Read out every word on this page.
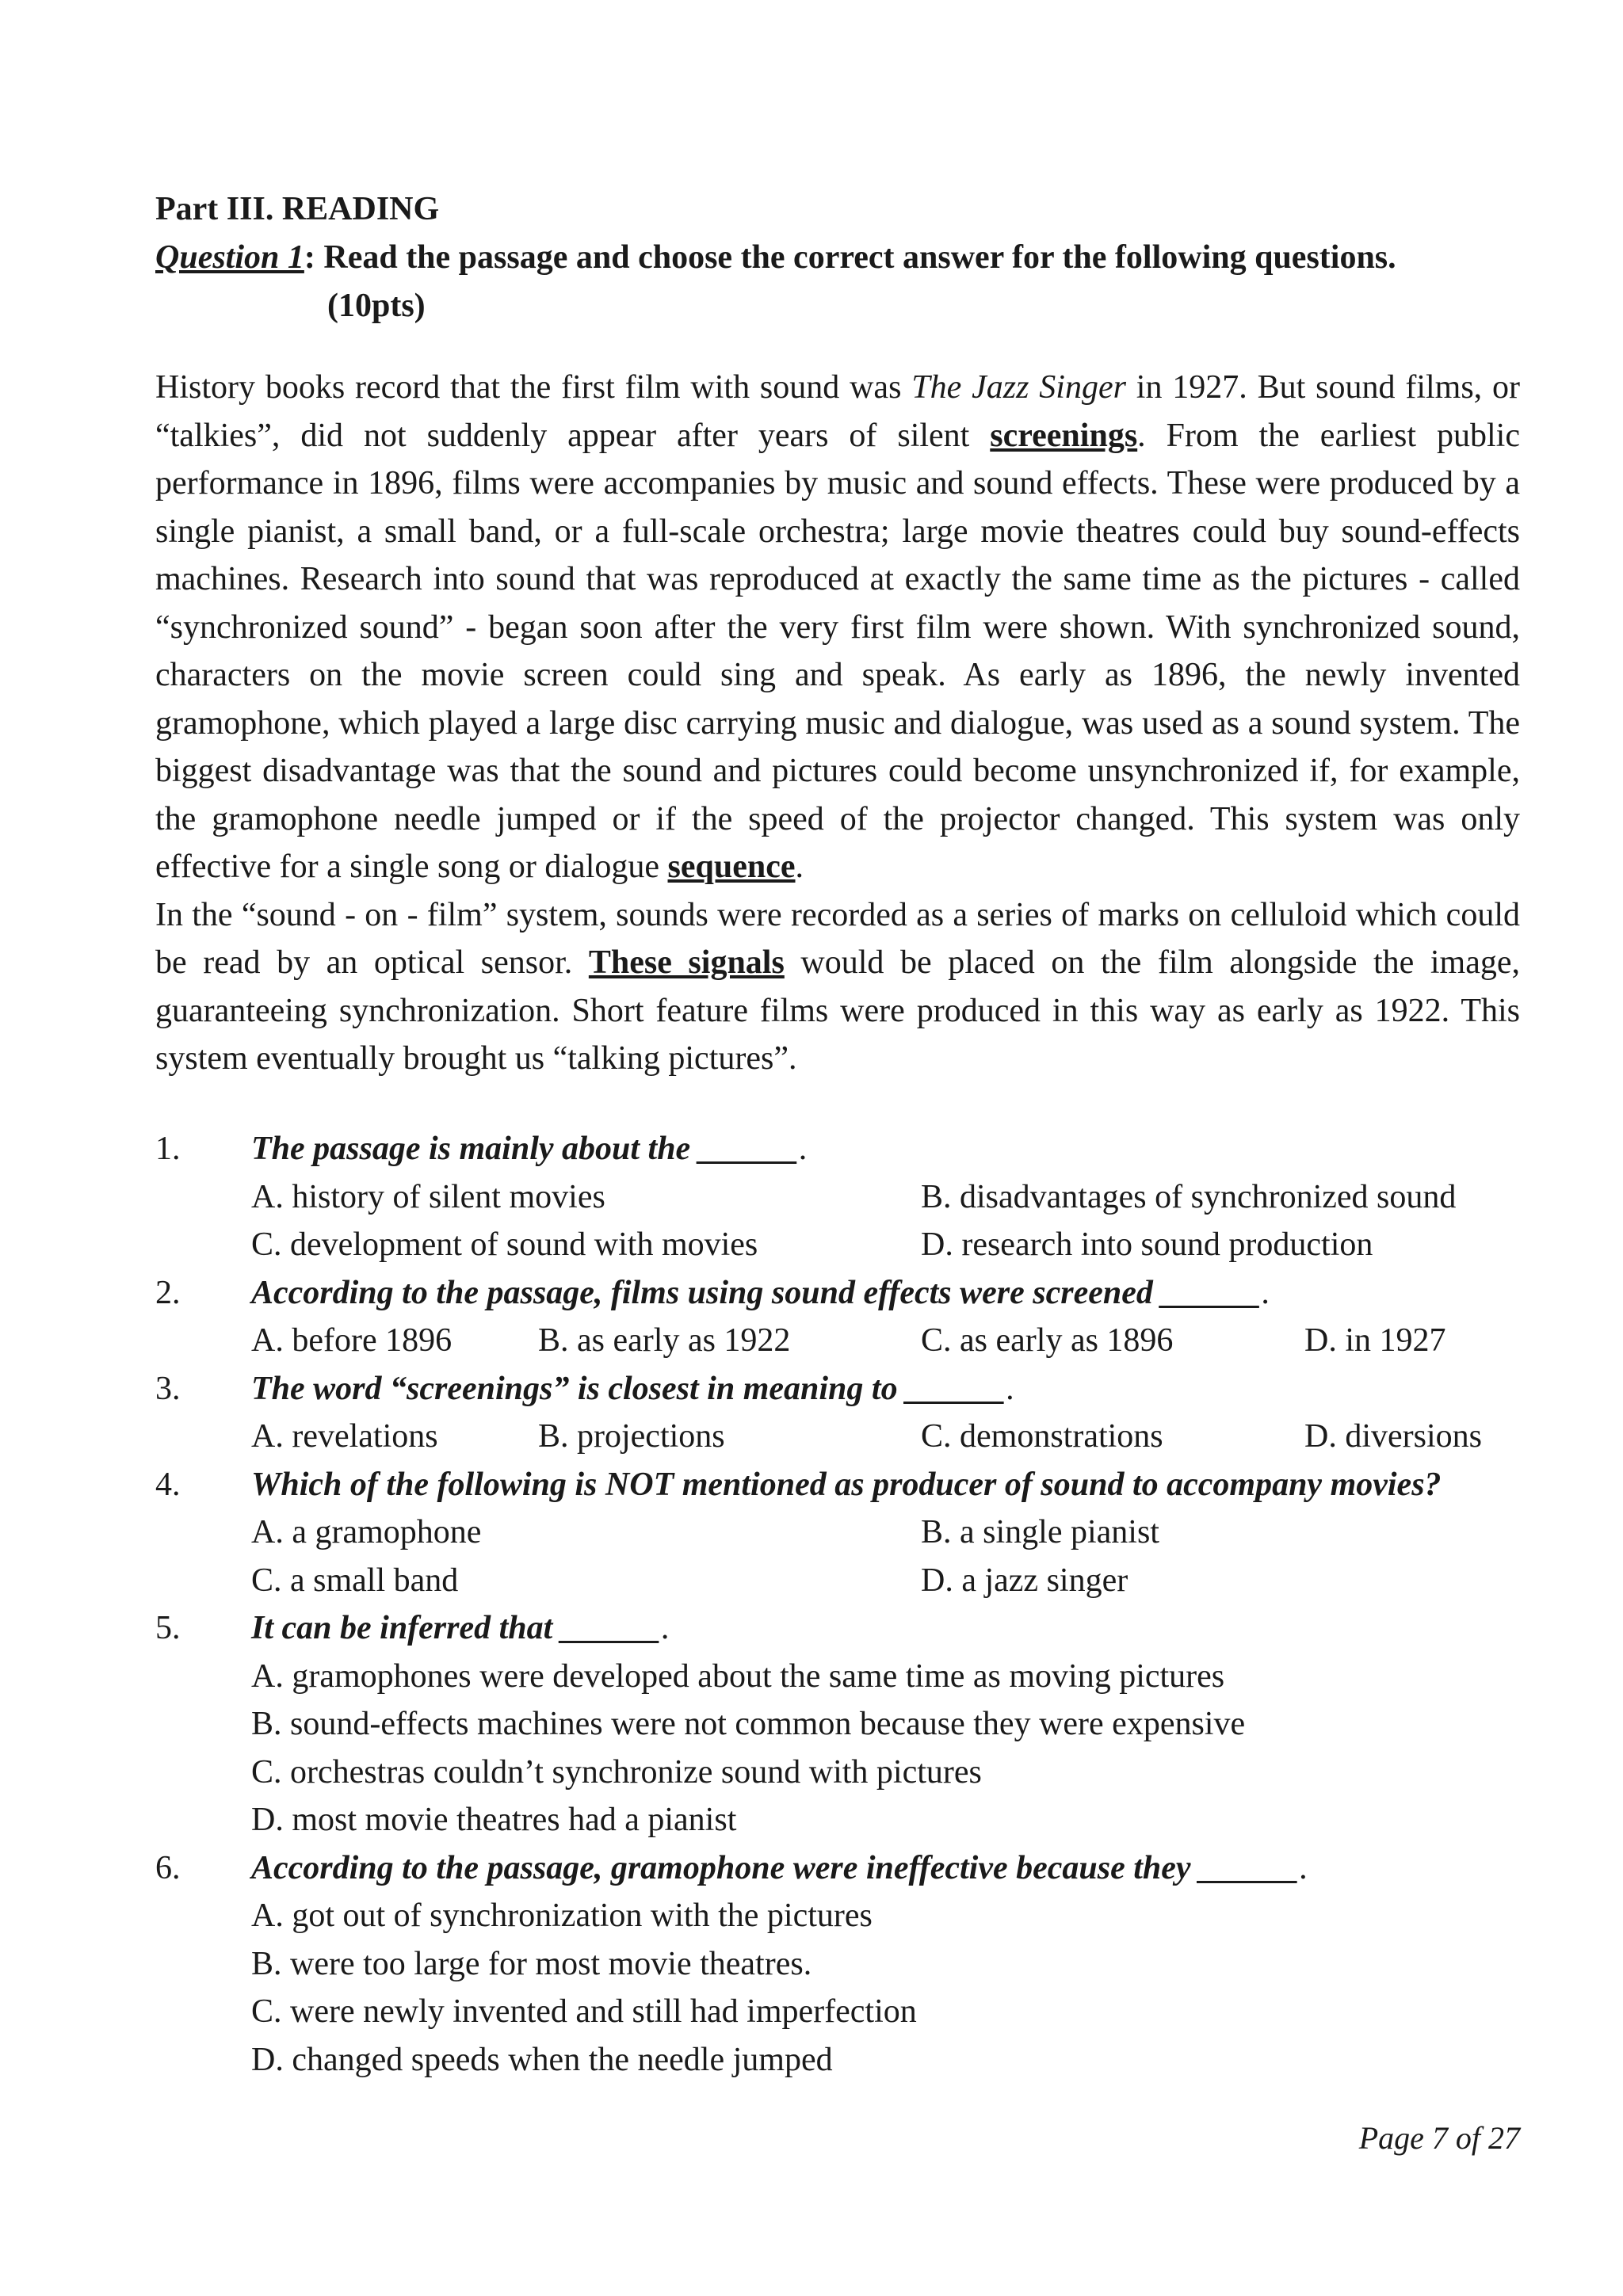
Part III. READING
Question 1: Read the passage and choose the correct answer for the following questions.
(10pts)

History books record that the first film with sound was The Jazz Singer in 1927. But sound films, or “talkies”, did not suddenly appear after years of silent screenings. From the earliest public performance in 1896, films were accompanies by music and sound effects. These were produced by a single pianist, a small band, or a full-scale orchestra; large movie theatres could buy sound-effects machines. Research into sound that was reproduced at exactly the same time as the pictures - called “synchronized sound” - began soon after the very first film were shown. With synchronized sound, characters on the movie screen could sing and speak. As early as 1896, the newly invented gramophone, which played a large disc carrying music and dialogue, was used as a sound system. The biggest disadvantage was that the sound and pictures could become unsynchronized if, for example, the gramophone needle jumped or if the speed of the projector changed. This system was only effective for a single song or dialogue sequence.

In the “sound - on - film” system, sounds were recorded as a series of marks on celluloid which could be read by an optical sensor. These signals would be placed on the film alongside the image, guaranteeing synchronization. Short feature films were produced in this way as early as 1922. This system eventually brought us “talking pictures”.

1. The passage is mainly about the ______.
A. history of silent movies	B. disadvantages of synchronized sound
C. development of sound with movies	D. research into sound production
2. According to the passage, films using sound effects were screened ______.
A. before 1896	B. as early as 1922	C. as early as 1896	D. in 1927
3. The word “screenings” is closest in meaning to ______.
A. revelations	B. projections	C. demonstrations	D. diversions
4. Which of the following is NOT mentioned as producer of sound to accompany movies?
A. a gramophone	B. a single pianist
C. a small band	D. a jazz singer
5. It can be inferred that ______.
A. gramophones were developed about the same time as moving pictures
B. sound-effects machines were not common because they were expensive
C. orchestras couldn’t synchronize sound with pictures
D. most movie theatres had a pianist
6. According to the passage, gramophone were ineffective because they ______.
A. got out of synchronization with the pictures
B. were too large for most movie theatres.
C. were newly invented and still had imperfection
D. changed speeds when the needle jumped
Page 7 of 27
